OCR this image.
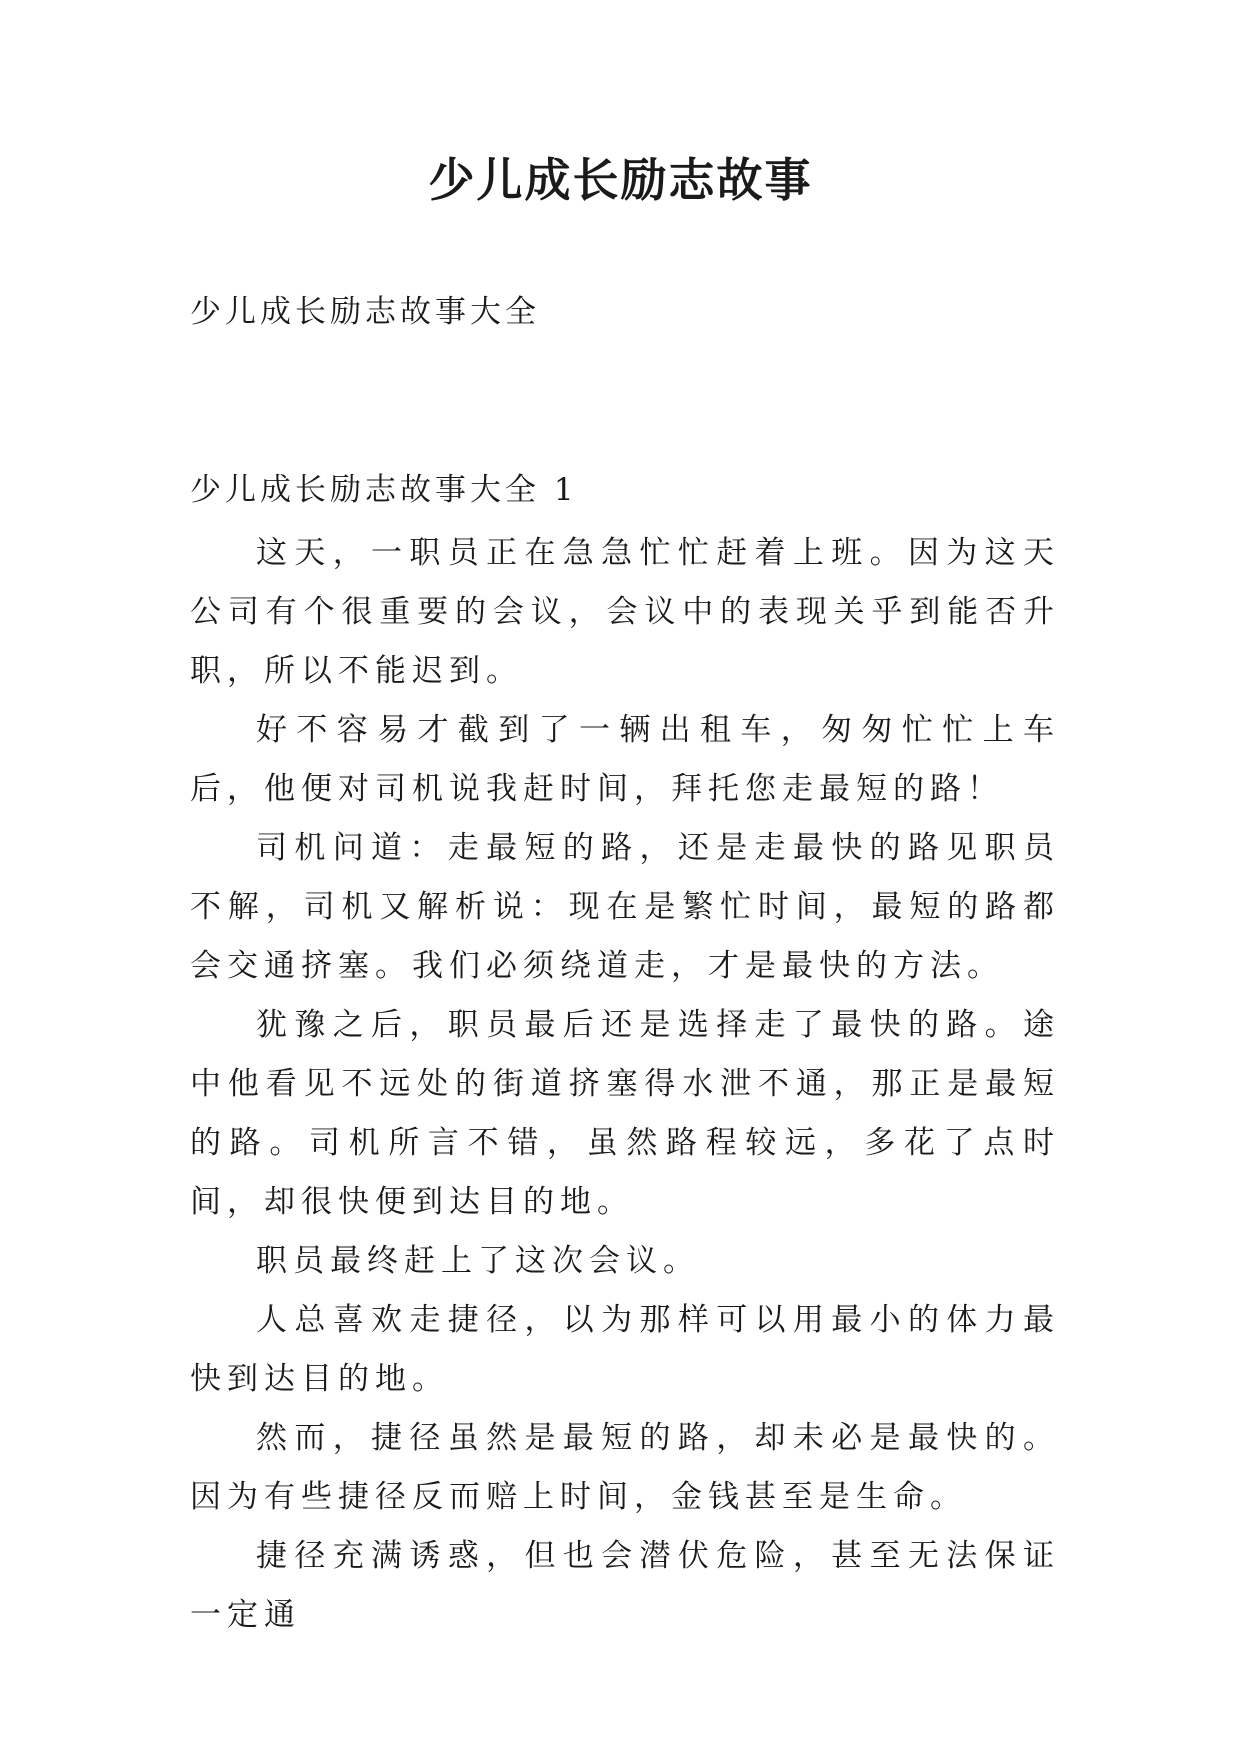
少儿成长励志故事

少儿成长励志故事大全

少儿成长励志故事大全 1

这天，一职员正在急急忙忙赶着上班。因为这天公司有个很重要的会议，会议中的表现关乎到能否升职，所以不能迟到。

好不容易才截到了一辆出租车，匆匆忙忙上车后，他便对司机说我赶时间，拜托您走最短的路！

司机问道：走最短的路，还是走最快的路见职员不解，司机又解析说：现在是繁忙时间，最短的路都会交通挤塞。我们必须绕道走，才是最快的方法。

犹豫之后，职员最后还是选择走了最快的路。途中他看见不远处的街道挤塞得水泄不通，那正是最短的路。司机所言不错，虽然路程较远，多花了点时间，却很快便到达目的地。

职员最终赶上了这次会议。

人总喜欢走捷径，以为那样可以用最小的体力最快到达目的地。

然而，捷径虽然是最短的路，却未必是最快的。因为有些捷径反而赔上时间，金钱甚至是生命。

捷径充满诱惑，但也会潜伏危险，甚至无法保证一定通
